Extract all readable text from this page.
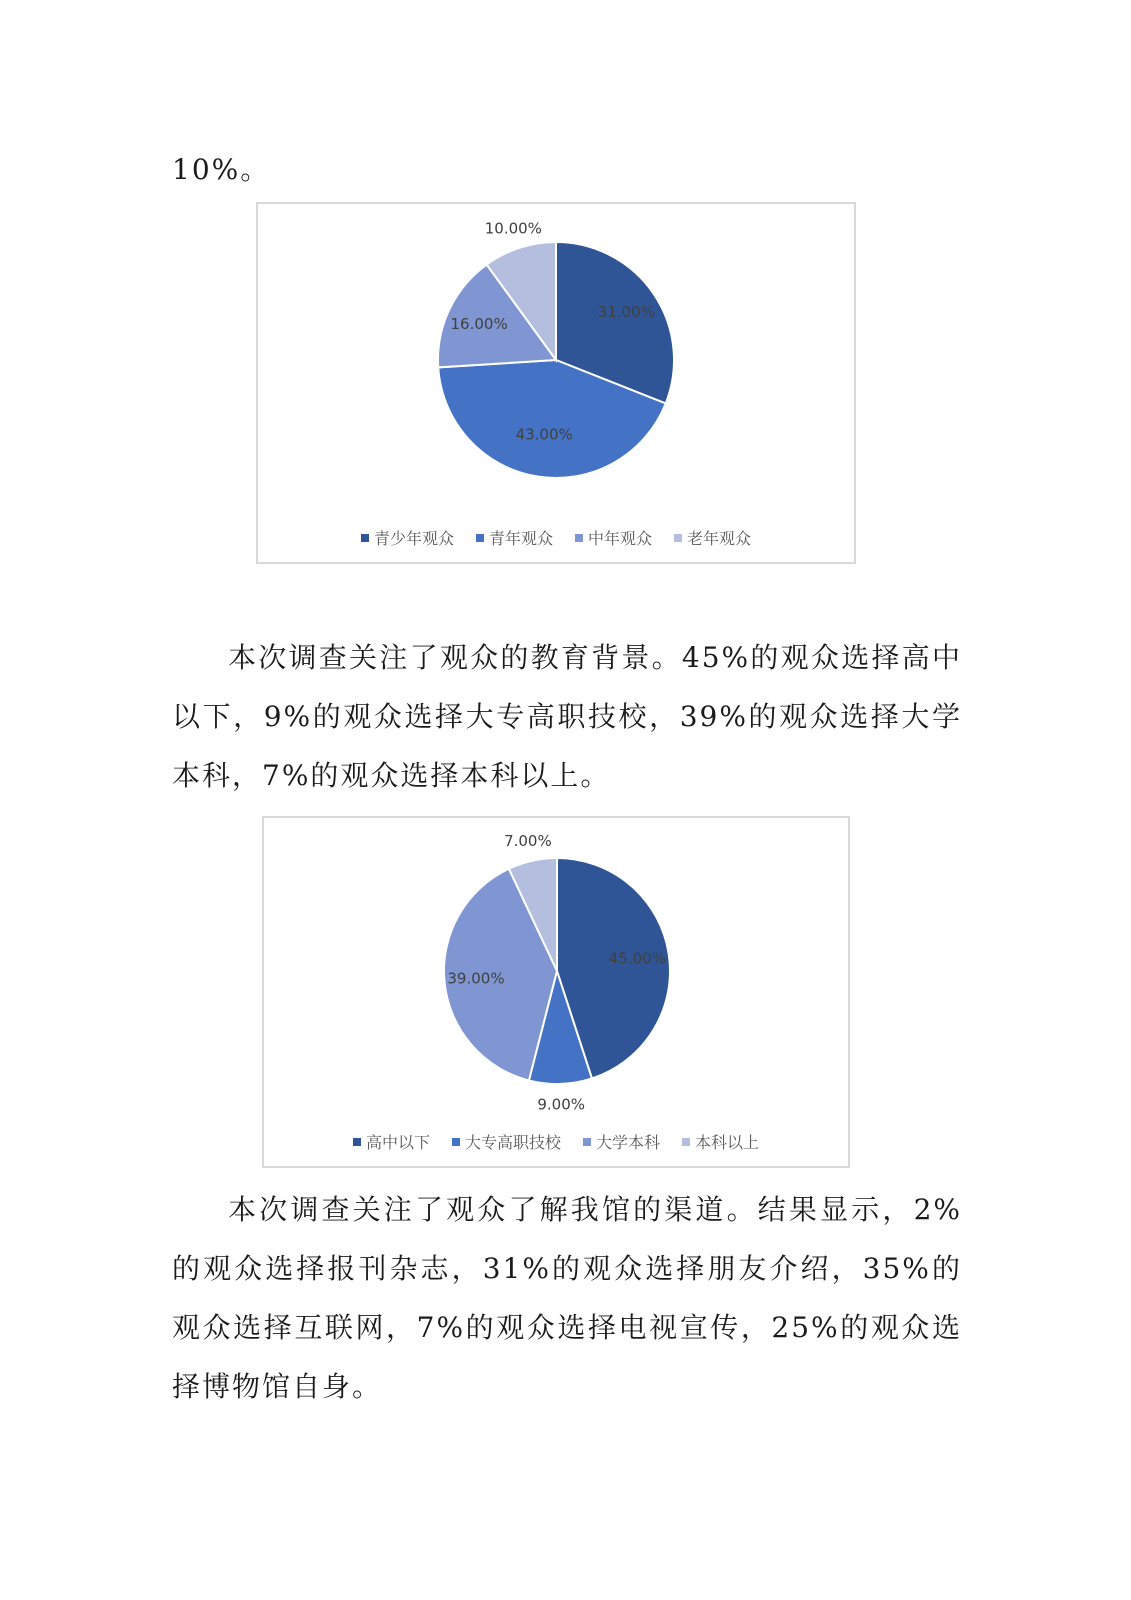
10%。

31.00%
43.00%
16.00%
10.00%
青少年观众 青年观众 中年观众 老年观众

本次调查关注了观众的教育背景。45%的观众选择高中以下，9%的观众选择大专高职技校，39%的观众选择大学本科，7%的观众选择本科以上。

45.00%
9.00%
39.00%
7.00%
高中以下 大专高职技校 大学本科 本科以上

本次调查关注了观众了解我馆的渠道。结果显示，2%的观众选择报刊杂志，31%的观众选择朋友介绍，35%的观众选择互联网，7%的观众选择电视宣传，25%的观众选择博物馆自身。
